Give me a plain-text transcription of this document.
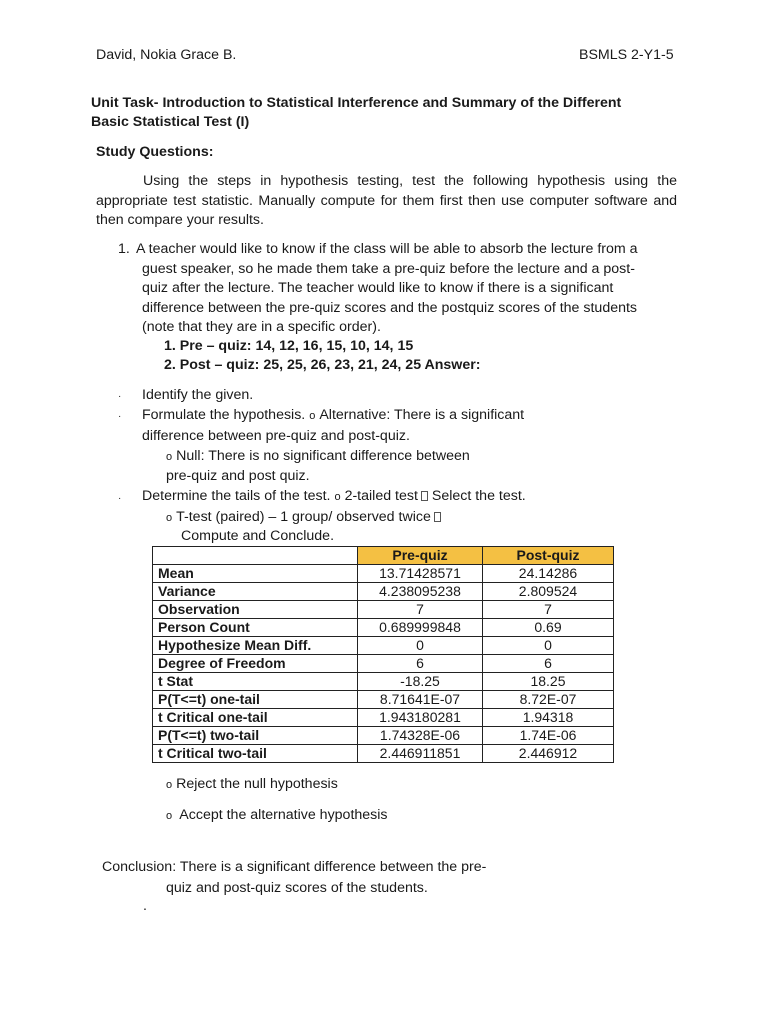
David, Nokia Grace B.	BSMLS 2-Y1-5
Unit Task- Introduction to Statistical Interference and Summary of the Different
Basic Statistical Test (I)
Study Questions:
Using the steps in hypothesis testing, test the following hypothesis using the appropriate test statistic. Manually compute for them first then use computer software and then compare your results.
1. A teacher would like to know if the class will be able to absorb the lecture from a
guest speaker, so he made them take a pre-quiz before the lecture and a post-
quiz after the lecture. The teacher would like to know if there is a significant
difference between the pre-quiz scores and the postquiz scores of the students
(note that they are in a specific order).
1. Pre – quiz: 14, 12, 16, 15, 10, 14, 15
2. Post – quiz: 25, 25, 26, 23, 21, 24, 25 Answer:
· Identify the given.
· Formulate the hypothesis. o Alternative: There is a significant
difference between pre-quiz and post-quiz.
o Null: There is no significant difference between
pre-quiz and post quiz.
· Determine the tails of the test. o 2-tailed test Select the test.
o T-test (paired) – 1 group/ observed twice
Compute and Conclude.
	Pre-quiz	Post-quiz
Mean	13.71428571	24.14286
Variance	4.238095238	2.809524
Observation	7	7
Person Count	0.689999848	0.69
Hypothesize Mean Diff.	0	0
Degree of Freedom	6	6
t Stat	-18.25	18.25
P(T<=t) one-tail	8.71641E-07	8.72E-07
t Critical one-tail	1.943180281	1.94318
P(T<=t) two-tail	1.74328E-06	1.74E-06
t Critical two-tail	2.446911851	2.446912
o Reject the null hypothesis
o Accept the alternative hypothesis
Conclusion: There is a significant difference between the pre-
quiz and post-quiz scores of the students.
.
